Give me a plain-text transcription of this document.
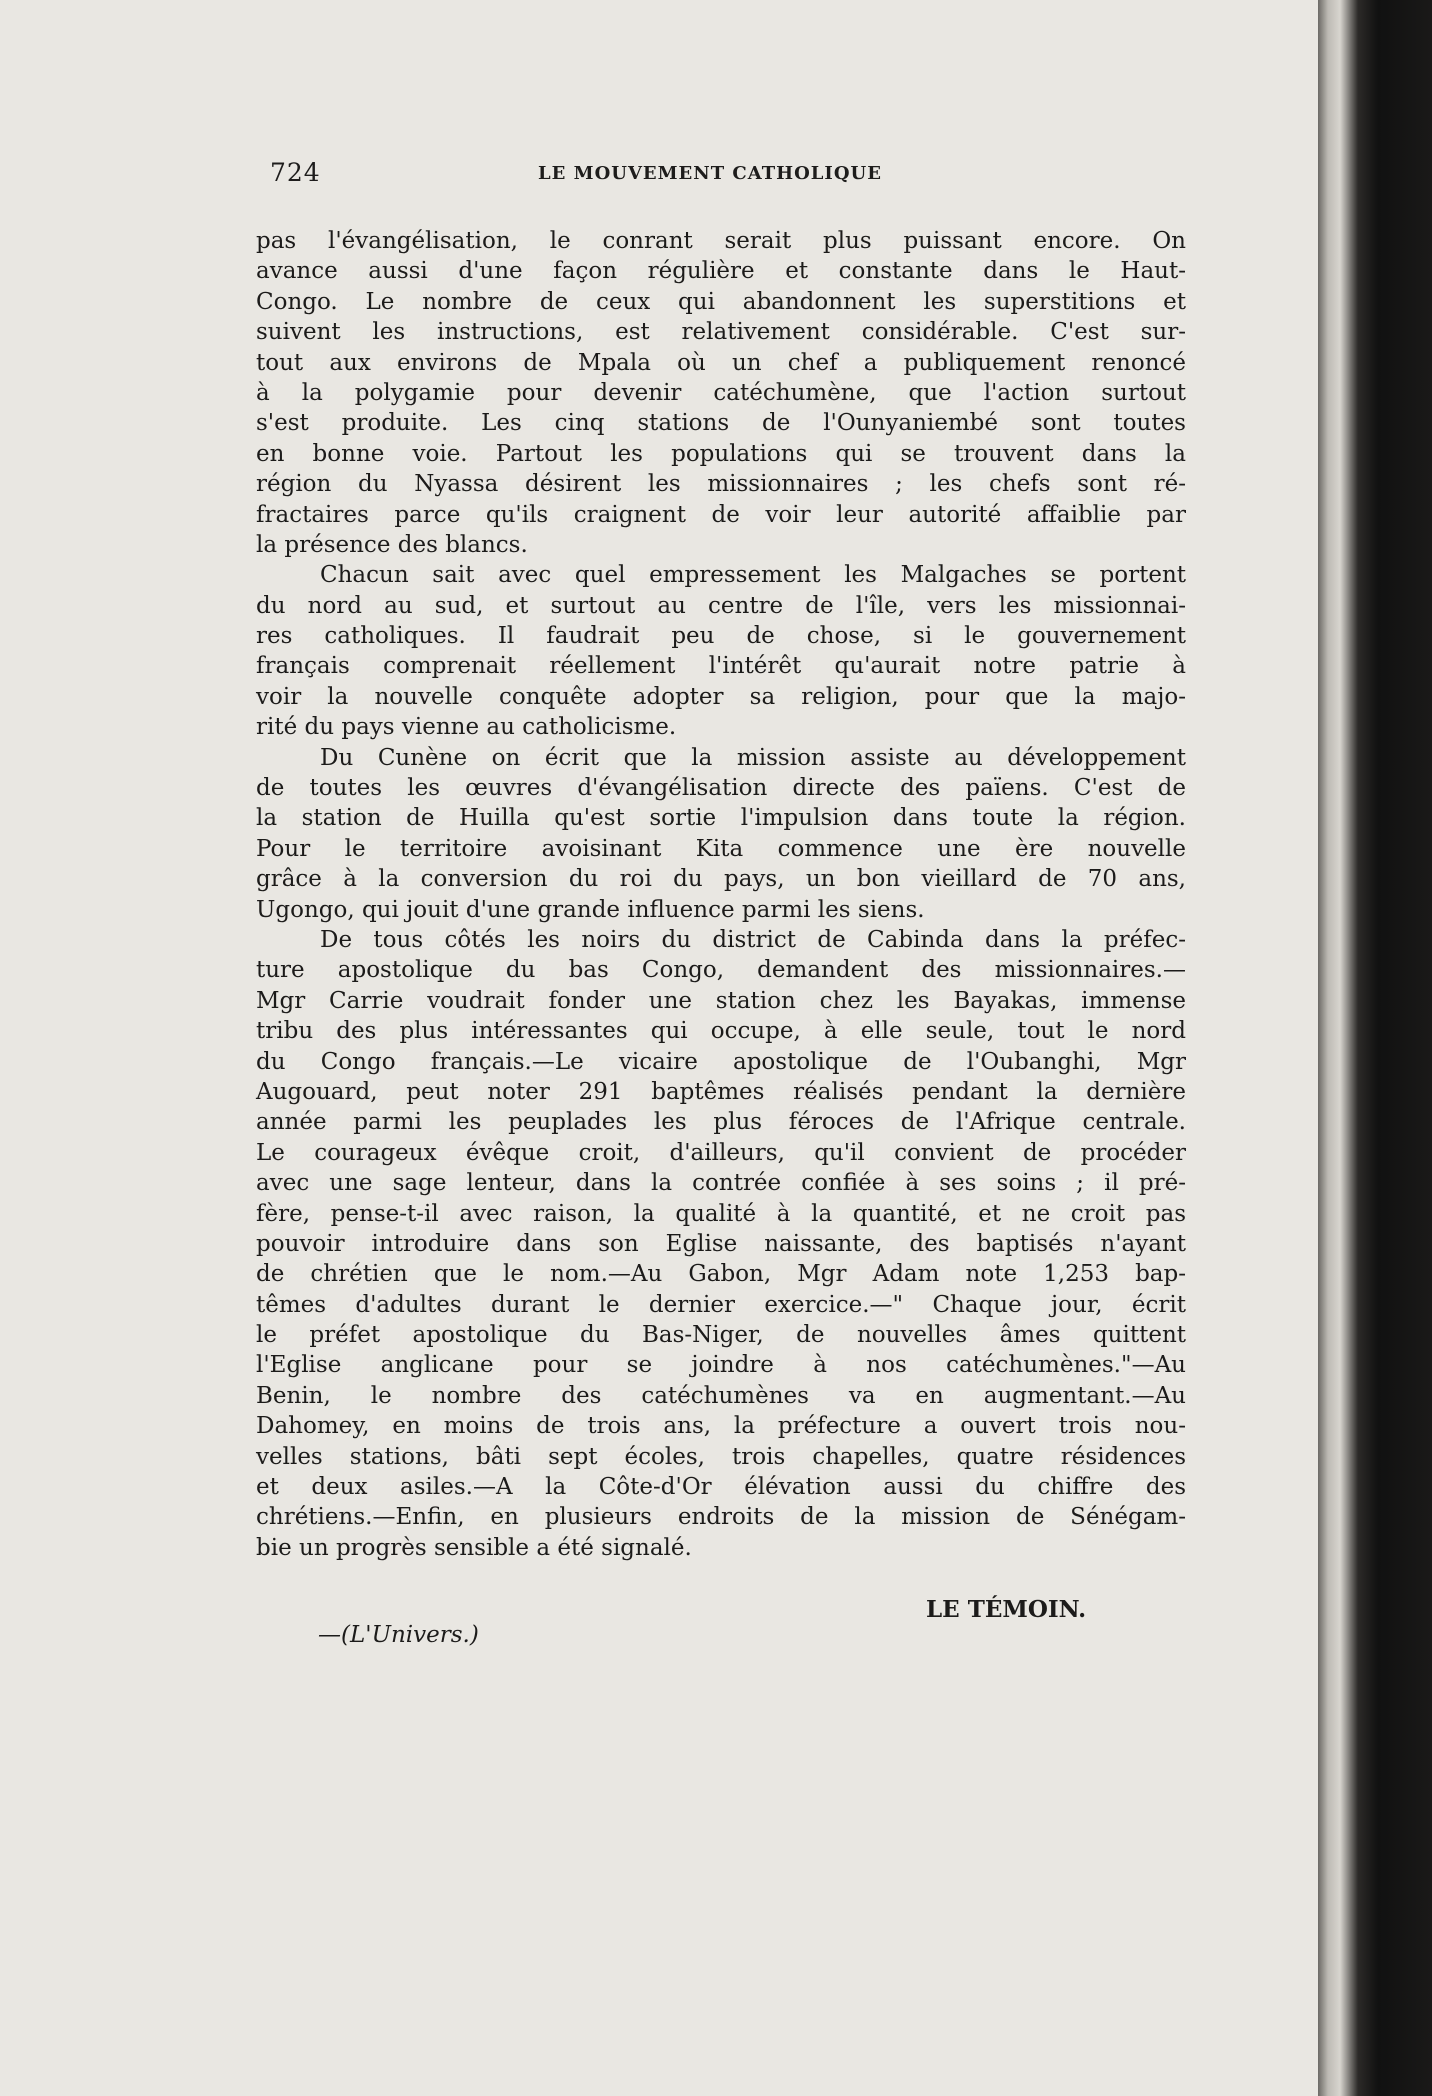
724	LE MOUVEMENT CATHOLIQUE
pas l'évangélisation, le conrant serait plus puissant encore. On
avance aussi d'une façon régulière et constante dans le Haut-
Congo. Le nombre de ceux qui abandonnent les superstitions et
suivent les instructions, est relativement considérable. C'est sur-
tout aux environs de Mpala où un chef a publiquement renoncé
à la polygamie pour devenir catéchumène, que l'action surtout
s'est produite. Les cinq stations de l'Ounyaniembé sont toutes
en bonne voie. Partout les populations qui se trouvent dans la
région du Nyassa désirent les missionnaires ; les chefs sont ré-
fractaires parce qu'ils craignent de voir leur autorité affaiblie par
la présence des blancs.
Chacun sait avec quel empressement les Malgaches se portent
du nord au sud, et surtout au centre de l'île, vers les missionnai-
res catholiques. Il faudrait peu de chose, si le gouvernement
français comprenait réellement l'intérêt qu'aurait notre patrie à
voir la nouvelle conquête adopter sa religion, pour que la majo-
rité du pays vienne au catholicisme.
Du Cunène on écrit que la mission assiste au développement
de toutes les œuvres d'évangélisation directe des païens. C'est de
la station de Huilla qu'est sortie l'impulsion dans toute la région.
Pour le territoire avoisinant Kita commence une ère nouvelle
grâce à la conversion du roi du pays, un bon vieillard de 70 ans,
Ugongo, qui jouit d'une grande influence parmi les siens.
De tous côtés les noirs du district de Cabinda dans la préfec-
ture apostolique du bas Congo, demandent des missionnaires.—
Mgr Carrie voudrait fonder une station chez les Bayakas, immense
tribu des plus intéressantes qui occupe, à elle seule, tout le nord
du Congo français.—Le vicaire apostolique de l'Oubanghi, Mgr
Augouard, peut noter 291 baptêmes réalisés pendant la dernière
année parmi les peuplades les plus féroces de l'Afrique centrale.
Le courageux évêque croit, d'ailleurs, qu'il convient de procéder
avec une sage lenteur, dans la contrée confiée à ses soins ; il pré-
fère, pense-t-il avec raison, la qualité à la quantité, et ne croit pas
pouvoir introduire dans son Eglise naissante, des baptisés n'ayant
de chrétien que le nom.—Au Gabon, Mgr Adam note 1,253 bap-
têmes d'adultes durant le dernier exercice.—" Chaque jour, écrit
le préfet apostolique du Bas-Niger, de nouvelles âmes quittent
l'Eglise anglicane pour se joindre à nos catéchumènes."—Au
Benin, le nombre des catéchumènes va en augmentant.—Au
Dahomey, en moins de trois ans, la préfecture a ouvert trois nou-
velles stations, bâti sept écoles, trois chapelles, quatre résidences
et deux asiles.—A la Côte-d'Or élévation aussi du chiffre des
chrétiens.—Enfin, en plusieurs endroits de la mission de Sénégam-
bie un progrès sensible a été signalé.
LE TÉMOIN.
—(L'Univers.)
